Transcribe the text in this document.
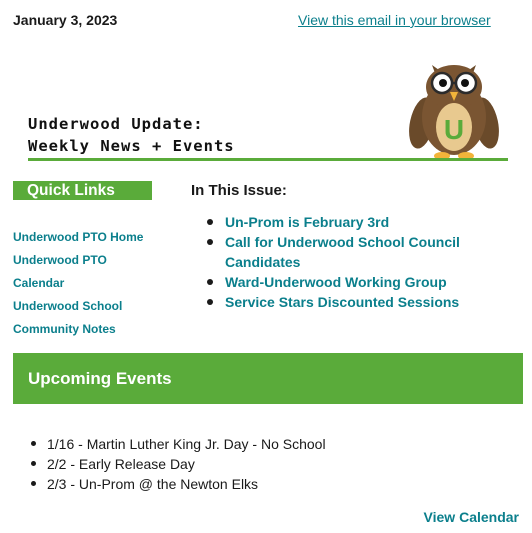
January 3, 2023	View this email in your browser
Underwood Update:
Weekly News + Events
U
Quick Links
Underwood PTO Home
Underwood PTO
Calendar
Underwood School
Community Notes
In This Issue:
Un-Prom is February 3rd
Call for Underwood School Council
Candidates
Ward-Underwood Working Group
Service Stars Discounted Sessions
Upcoming Events
1/16 - Martin Luther King Jr. Day - No School
2/2 - Early Release Day
2/3 - Un-Prom @ the Newton Elks
View Calendar
